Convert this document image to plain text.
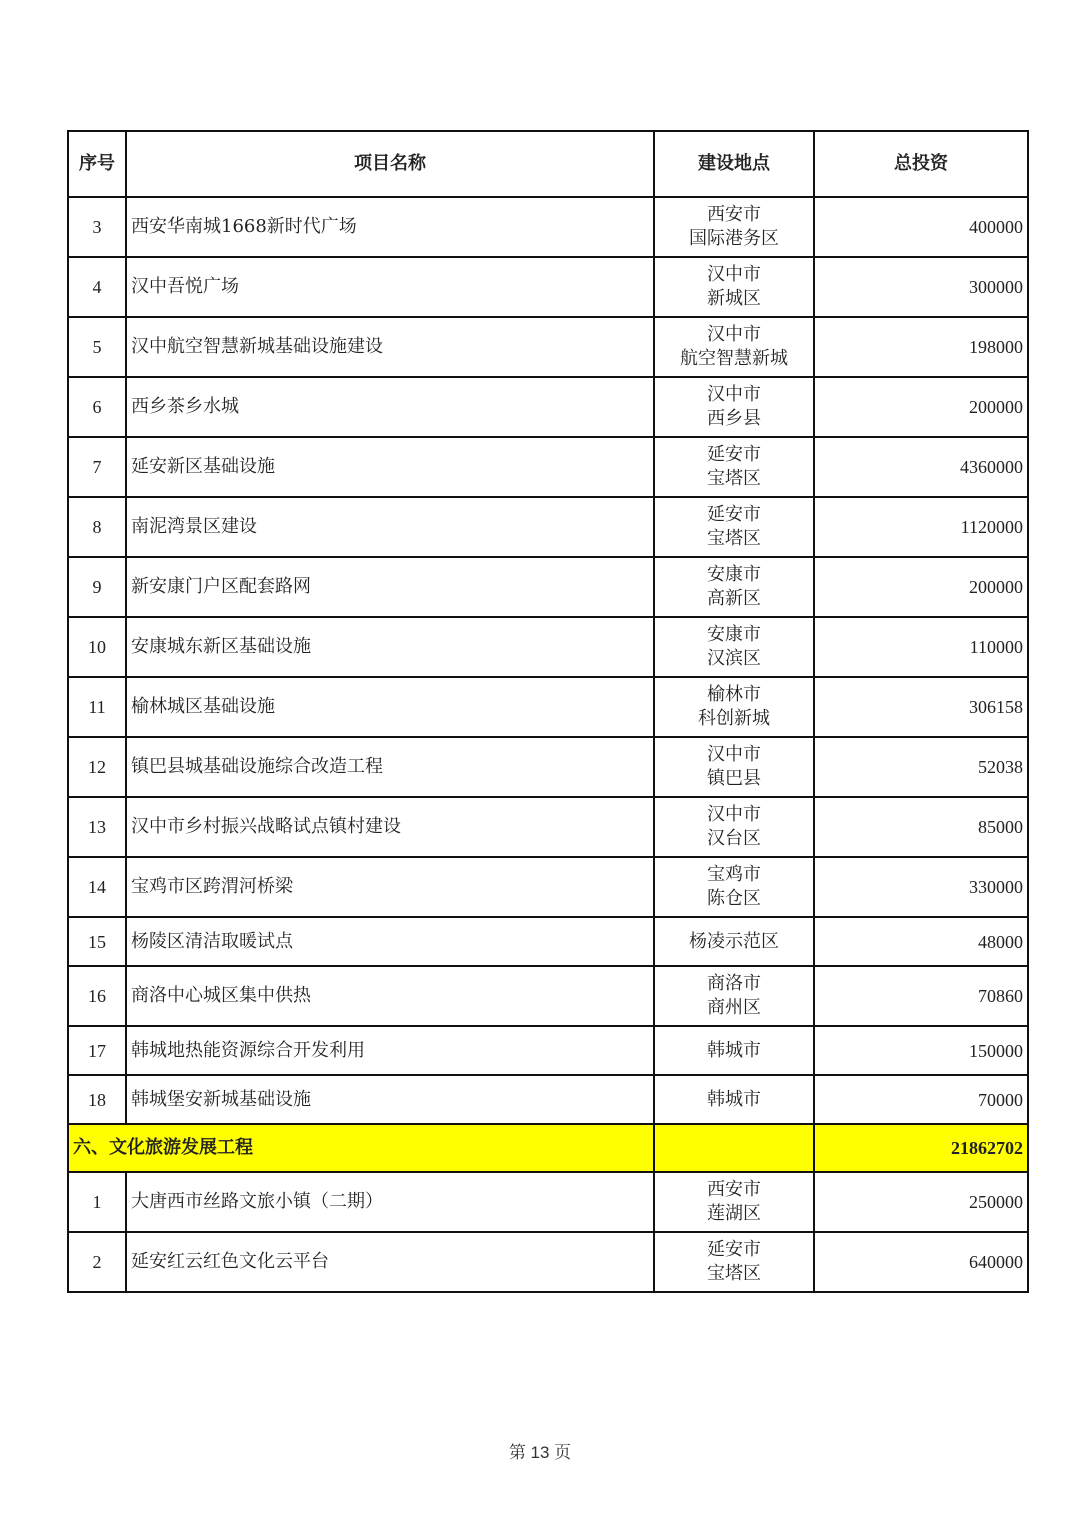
序号	项目名称	建设地点	总投资
3	西安华南城1668新时代广场	西安市
国际港务区	400000
4	汉中吾悦广场	汉中市
新城区	300000
5	汉中航空智慧新城基础设施建设	汉中市
航空智慧新城	198000
6	西乡茶乡水城	汉中市
西乡县	200000
7	延安新区基础设施	延安市
宝塔区	4360000
8	南泥湾景区建设	延安市
宝塔区	1120000
9	新安康门户区配套路网	安康市
高新区	200000
10	安康城东新区基础设施	安康市
汉滨区	110000
11	榆林城区基础设施	榆林市
科创新城	306158
12	镇巴县城基础设施综合改造工程	汉中市
镇巴县	52038
13	汉中市乡村振兴战略试点镇村建设	汉中市
汉台区	85000
14	宝鸡市区跨渭河桥梁	宝鸡市
陈仓区	330000
15	杨陵区清洁取暖试点	杨凌示范区	48000
16	商洛中心城区集中供热	商洛市
商州区	70860
17	韩城地热能资源综合开发利用	韩城市	150000
18	韩城堡安新城基础设施	韩城市	70000
六、文化旅游发展工程			21862702
1	大唐西市丝路文旅小镇（二期）	西安市
莲湖区	250000
2	延安红云红色文化云平台	延安市
宝塔区	640000
第 13 页
